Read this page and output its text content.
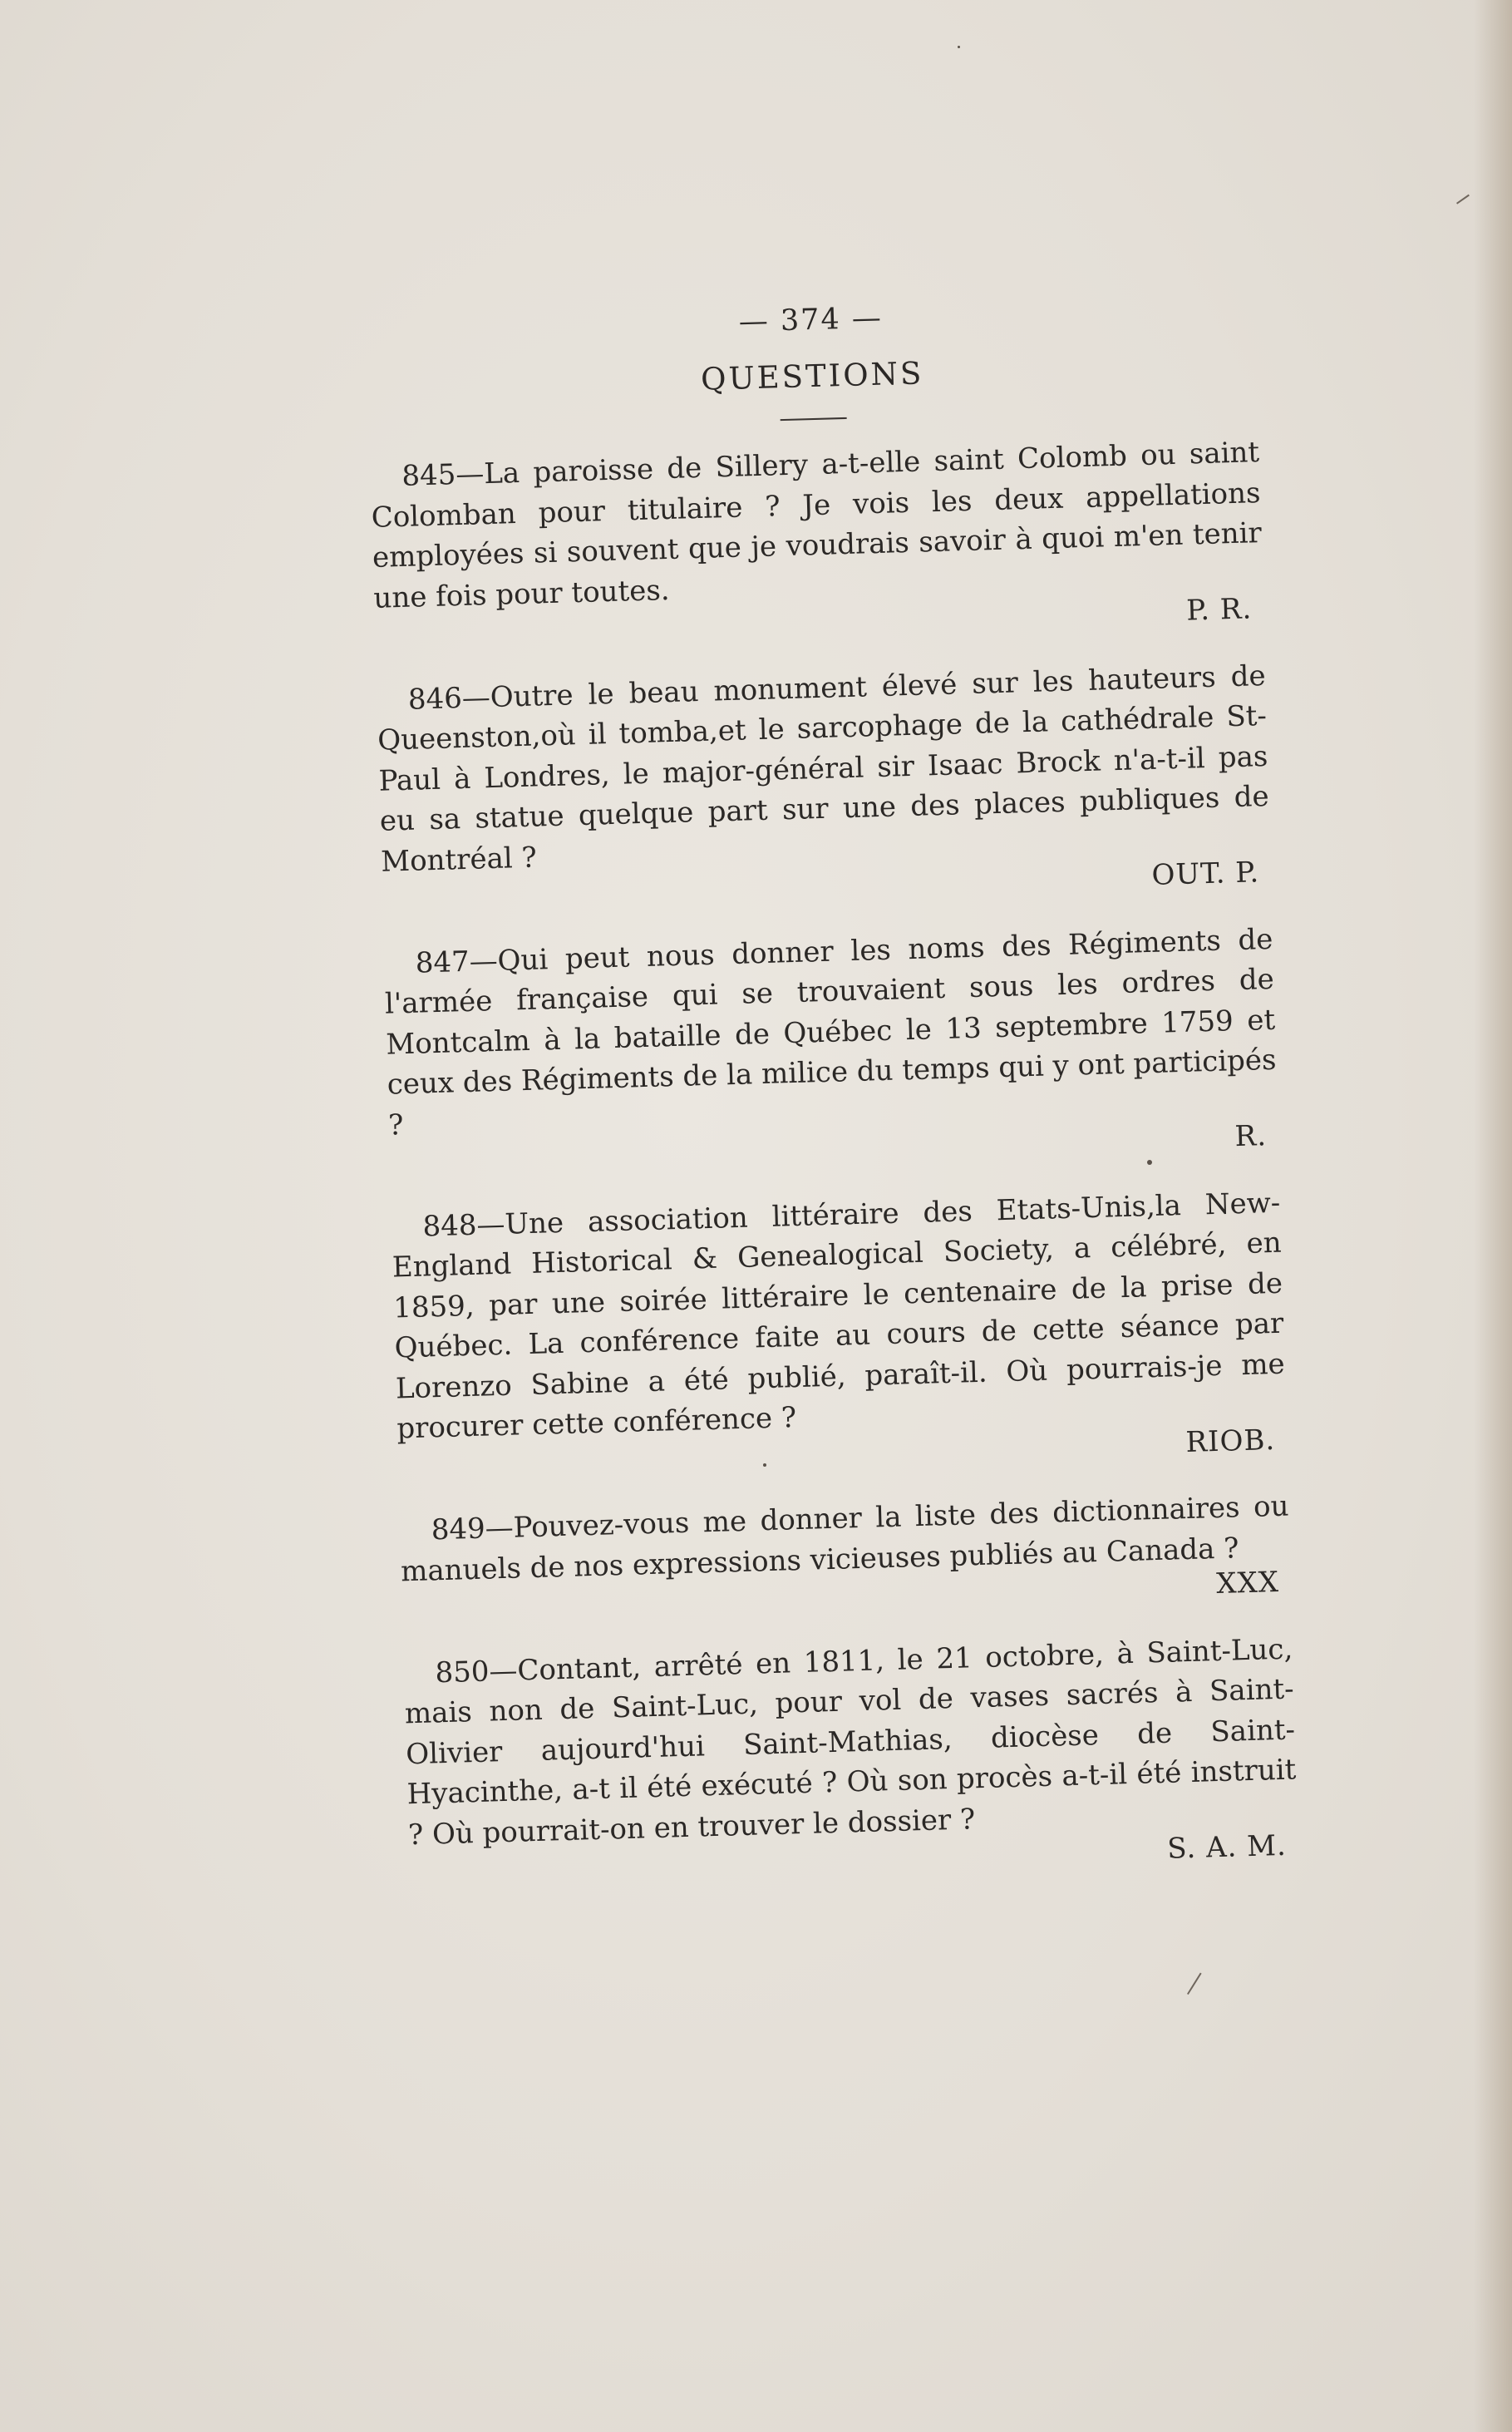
— 374 —
QUESTIONS

845—La paroisse de Sillery a-t-elle saint Colomb ou saint Colomban pour titulaire ? Je vois les deux appellations employées si souvent que je voudrais savoir à quoi m'en tenir une fois pour toutes.	P. R.

846—Outre le beau monument élevé sur les hauteurs de Queenston,où il tomba,et le sarcophage de la cathédrale St-Paul à Londres, le major-général sir Isaac Brock n'a-t-il pas eu sa statue quelque part sur une des places publiques de Montréal ?	OUT. P.

847—Qui peut nous donner les noms des Régiments de l'armée française qui se trouvaient sous les ordres de Montcalm à la bataille de Québec le 13 septembre 1759 et ceux des Régiments de la milice du temps qui y ont participés ?	R.

848—Une association littéraire des Etats-Unis,la New-England Historical & Genealogical Society, a célébré, en 1859, par une soirée littéraire le centenaire de la prise de Québec. La conférence faite au cours de cette séance par Lorenzo Sabine a été publié, paraît-il. Où pourrais-je me procurer cette conférence ?	RIOB.

849—Pouvez-vous me donner la liste des dictionnaires ou manuels de nos expressions vicieuses publiés au Canada ?

XXX

850—Contant, arrêté en 1811, le 21 octobre, à Saint-Luc, mais non de Saint-Luc, pour vol de vases sacrés à Saint-Olivier aujourd'hui Saint-Mathias, diocèse de Saint-Hyacinthe, a-t il été exécuté ? Où son procès a-t-il été instruit ? Où pourrait-on en trouver le dossier ?	S. A. M.
